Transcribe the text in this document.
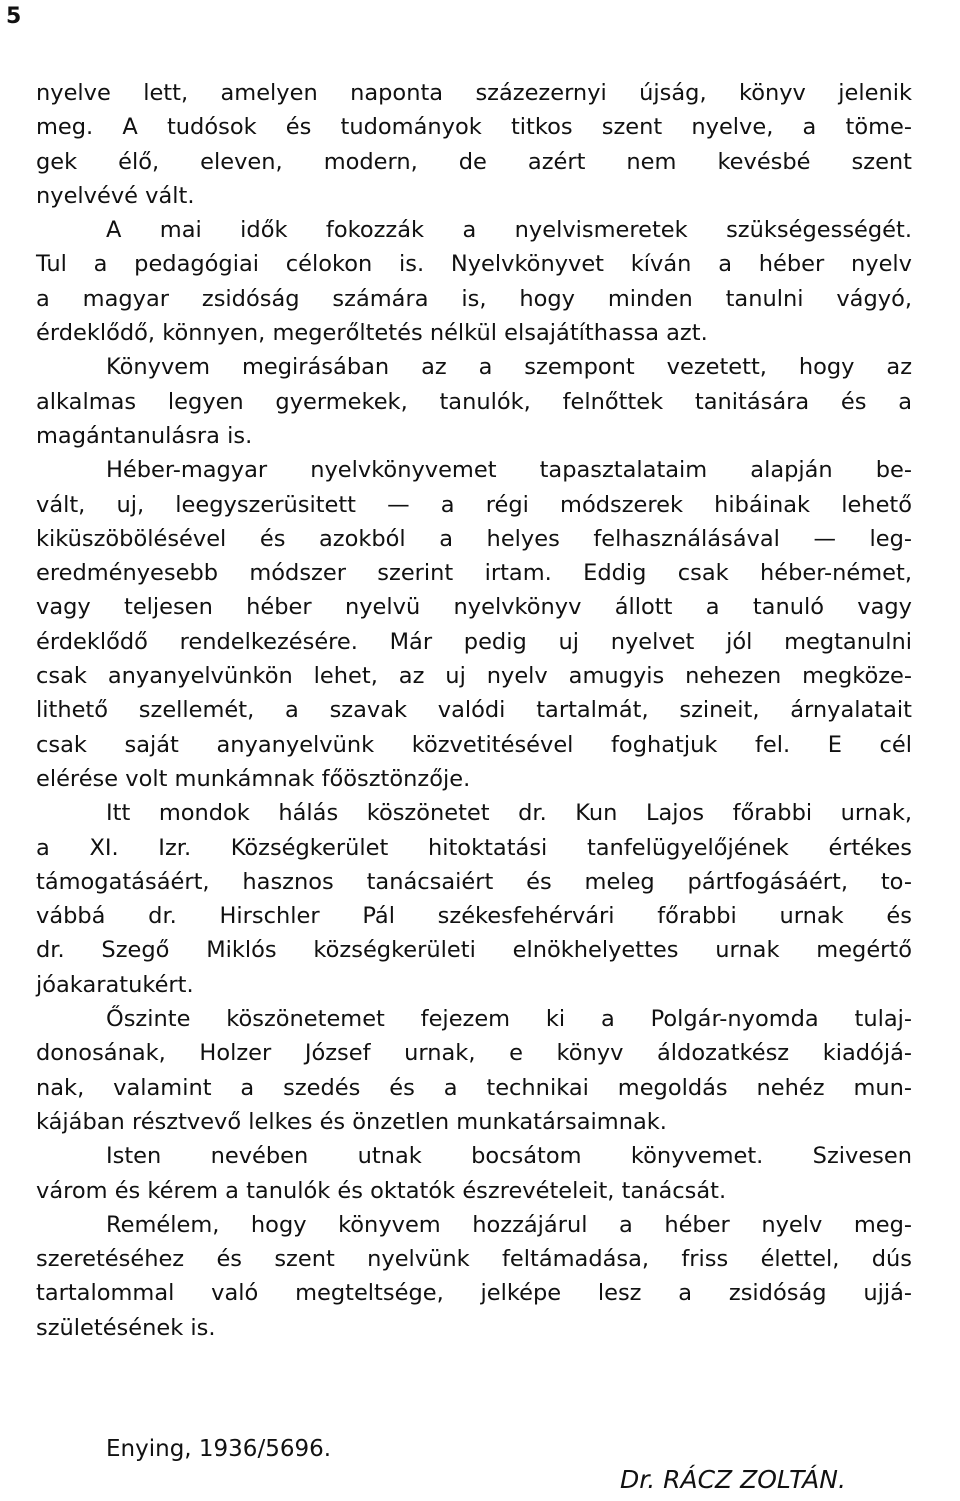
5
nyelve lett, amelyen naponta százezernyi újság, könyv jelenik
meg. A tudósok és tudományok titkos szent nyelve, a töme-
gek élő, eleven, modern, de azért nem kevésbé szent
nyelvévé vált.
A mai idők fokozzák a nyelvismeretek szükségességét.
Tul a pedagógiai célokon is. Nyelvkönyvet kíván a héber nyelv
a magyar zsidóság számára is, hogy minden tanulni vágyó,
érdeklődő, könnyen, megerőltetés nélkül elsajátíthassa azt.
Könyvem megirásában az a szempont vezetett, hogy az
alkalmas legyen gyermekek, tanulók, felnőttek tanitására és a
magántanulásra is.
Héber-magyar nyelvkönyvemet tapasztalataim alapján be-
vált, uj, leegyszerüsitett — a régi módszerek hibáinak lehető
kiküszöbölésével és azokból a helyes felhasználásával — leg-
eredményesebb módszer szerint irtam. Eddig csak héber-német,
vagy teljesen héber nyelvü nyelvkönyv állott a tanuló vagy
érdeklődő rendelkezésére. Már pedig uj nyelvet jól megtanulni
csak anyanyelvünkön lehet, az uj nyelv amugyis nehezen megköze-
lithető szellemét, a szavak valódi tartalmát, szineit, árnyalatait
csak saját anyanyelvünk közvetitésével foghatjuk fel. E cél
elérése volt munkámnak főösztönzője.
Itt mondok hálás köszönetet dr. Kun Lajos főrabbi urnak,
a XI. Izr. Községkerület hitoktatási tanfelügyelőjének értékes
támogatásáért, hasznos tanácsaiért és meleg pártfogásáért, to-
vábbá dr. Hirschler Pál székesfehérvári főrabbi urnak és
dr. Szegő Miklós községkerületi elnökhelyettes urnak megértő
jóakaratukért.
Őszinte köszönetemet fejezem ki a Polgár-nyomda tulaj-
donosának, Holzer József urnak, e könyv áldozatkész kiadójá-
nak, valamint a szedés és a technikai megoldás nehéz mun-
kájában résztvevő lelkes és önzetlen munkatársaimnak.
Isten nevében utnak bocsátom könyvemet. Szivesen
várom és kérem a tanulók és oktatók észrevételeit, tanácsát.
Remélem, hogy könyvem hozzájárul a héber nyelv meg-
szeretéséhez és szent nyelvünk feltámadása, friss élettel, dús
tartalommal való megteltsége, jelképe lesz a zsidóság ujjá-
születésének is.
Enying, 1936/5696.
Dr. RÁCZ ZOLTÁN.
